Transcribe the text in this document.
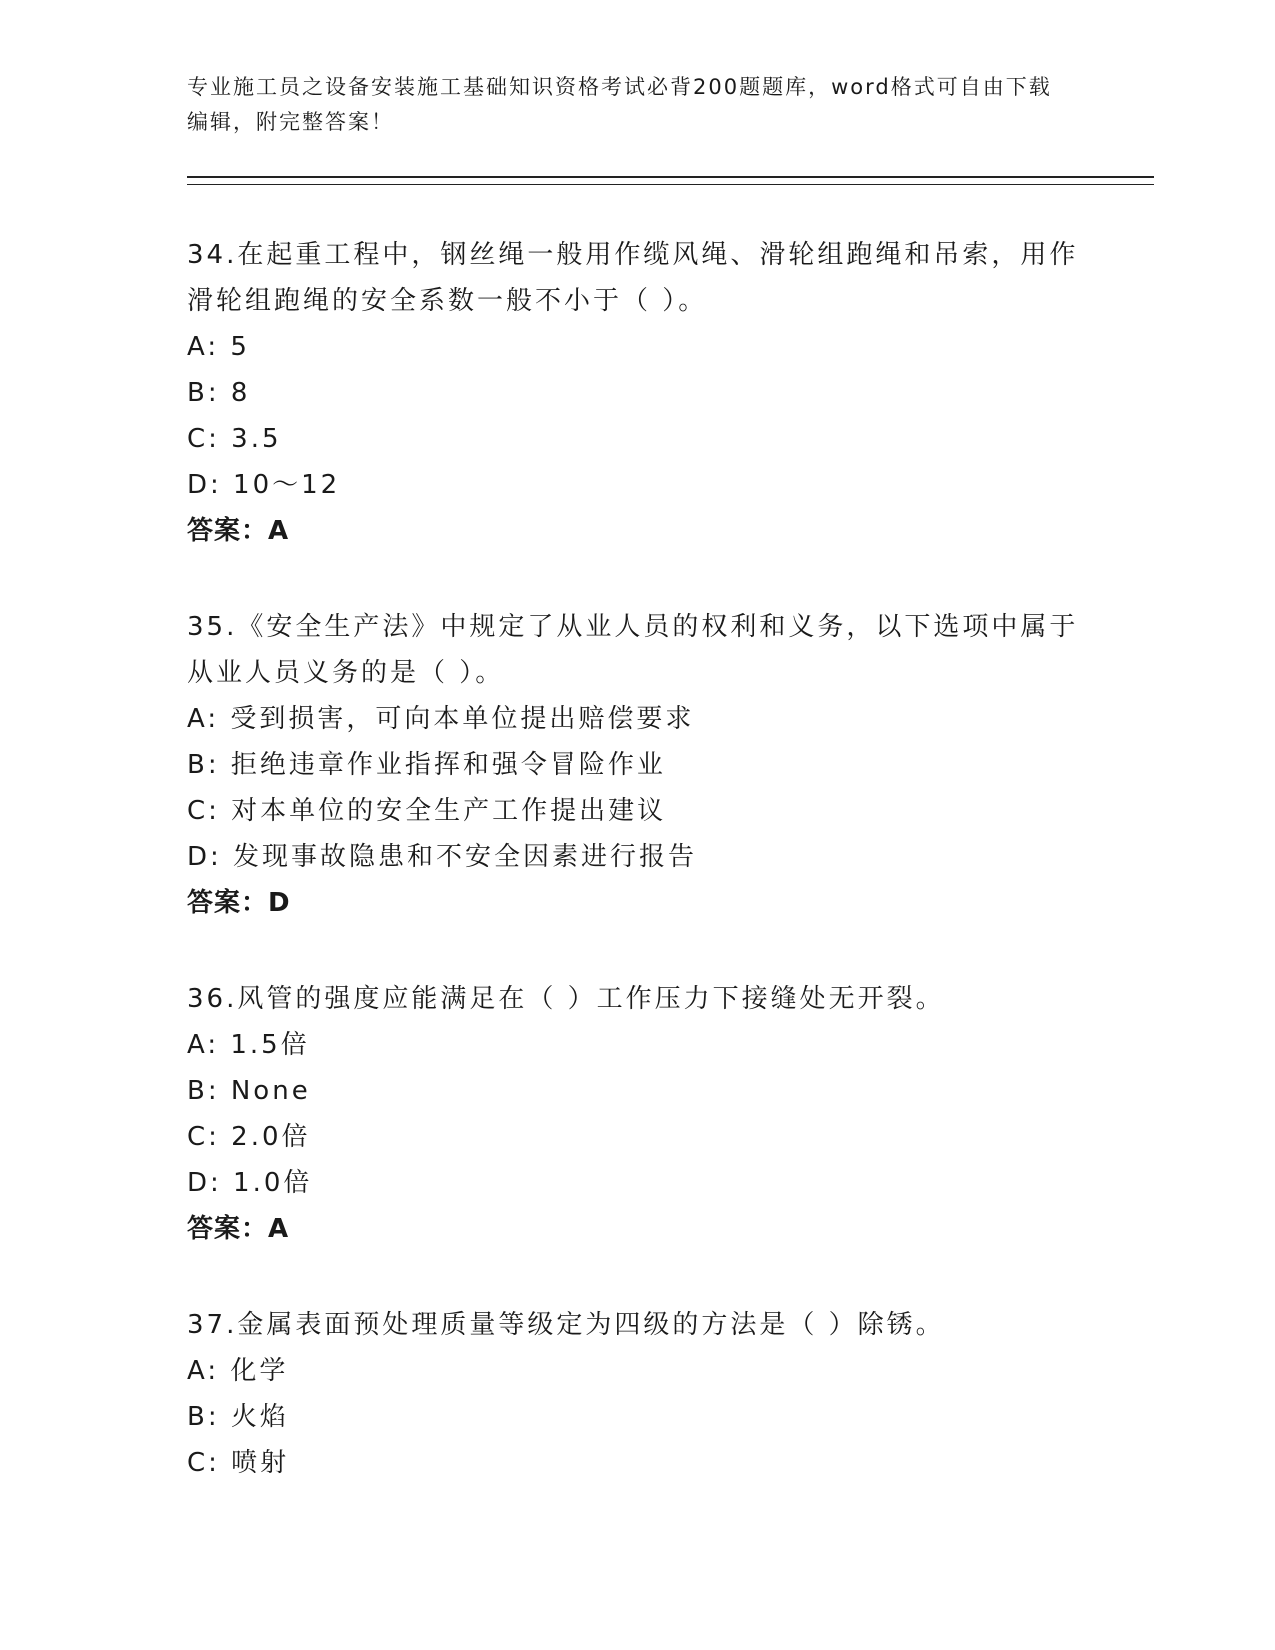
专业施工员之设备安装施工基础知识资格考试必背200题题库，word格式可自由下载编辑，附完整答案！
34.在起重工程中，钢丝绳一般用作缆风绳、滑轮组跑绳和吊索，用作滑轮组跑绳的安全系数一般不小于（ ）。
A: 5
B: 8
C: 3.5
D: 10～12
答案：A
35.《安全生产法》中规定了从业人员的权利和义务，以下选项中属于从业人员义务的是（ ）。
A: 受到损害，可向本单位提出赔偿要求
B: 拒绝违章作业指挥和强令冒险作业
C: 对本单位的安全生产工作提出建议
D: 发现事故隐患和不安全因素进行报告
答案：D
36.风管的强度应能满足在（ ）工作压力下接缝处无开裂。
A: 1.5倍
B: None
C: 2.0倍
D: 1.0倍
答案：A
37.金属表面预处理质量等级定为四级的方法是（ ）除锈。
A: 化学
B: 火焰
C: 喷射
